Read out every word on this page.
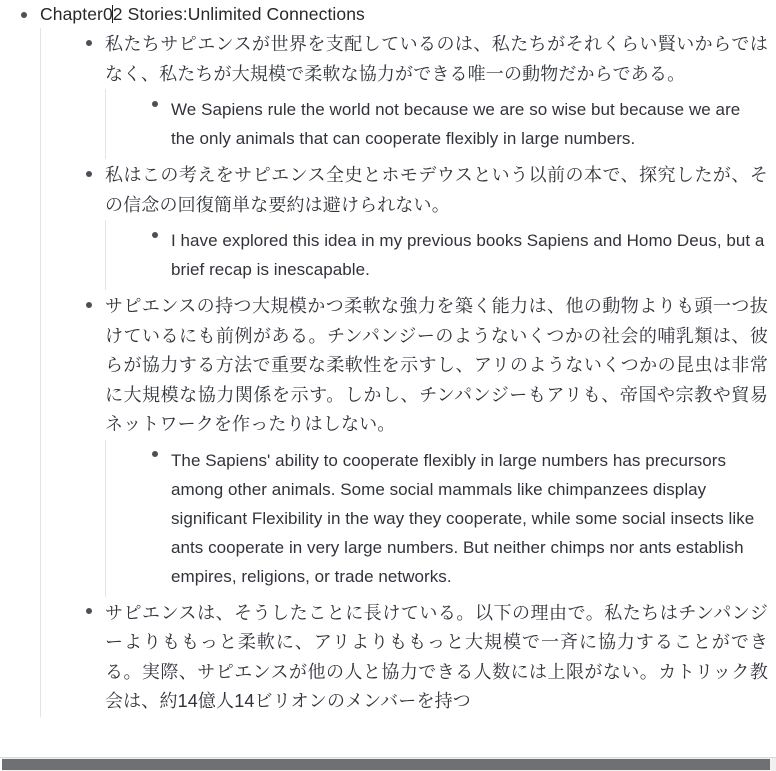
Chapter02 Stories:Unlimited Connections
私たちサピエンスが世界を支配しているのは、私たちがそれくらい賢いからではなく、私たちが大規模で柔軟な協力ができる唯一の動物だからである。
We Sapiens rule the world not because we are so wise but because we are the only animals that can cooperate flexibly in large numbers.
私はこの考えをサピエンス全史とホモデウスという以前の本で、探究したが、その信念の回復簡単な要約は避けられない。
I have explored this idea in my previous books Sapiens and Homo Deus, but a brief recap is inescapable.
サピエンスの持つ大規模かつ柔軟な強力を築く能力は、他の動物よりも頭一つ抜けているにも前例がある。チンパンジーのようないくつかの社会的哺乳類は、彼らが協力する方法で重要な柔軟性を示すし、アリのようないくつかの昆虫は非常に大規模な協力関係を示す。しかし、チンパンジーもアリも、帝国や宗教や貿易ネットワークを作ったりはしない。
The Sapiens' ability to cooperate flexibly in large numbers has precursors among other animals. Some social mammals like chimpanzees display significant Flexibility in the way they cooperate, while some social insects like ants cooperate in very large numbers. But neither chimps nor ants establish empires, religions, or trade networks.
サピエンスは、そうしたことに長けている。以下の理由で。私たちはチンパンジーよりももっと柔軟に、アリよりももっと大規模で一斉に協力することができる。実際、サピエンスが他の人と協力できる人数には上限がない。カトリック教会は、約14億人14ビリオンのメンバーを持つ
